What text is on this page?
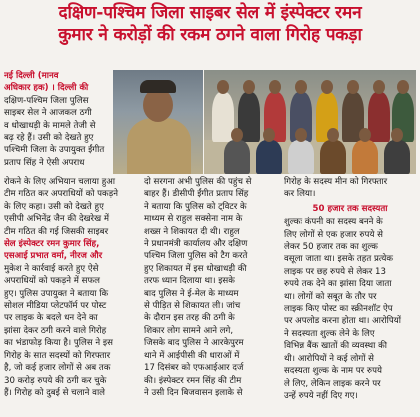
दक्षिण-पश्चिम जिला साइबर सेल में इंस्पेक्टर रमन
कुमार ने करोड़ों की रकम ठगने वाला गिरोह पकड़ा
नई दिल्ली (मानव
अधिकार हक) । दिल्ली की
दक्षिण-पश्चिम जिला पुलिस
साइबर सेल ने आजकल ठगी
व धोखाधड़ी के मामले तेजी से
बढ़ रहे हैं। उसी को देखते हुए
पश्चिमी जिला के उपायुक्त ईंगीत
प्रताप सिंह ने ऐसी अपराध
रोकने के लिए अभियान चलाया हुआ
टीम गठित कर अपराधियों को पकड़ने
के लिए कहा। उसी को देखते हुए
एसीपी अभिनेंद्र जैन की देखरेख में
टीम गठित की गई जिसकी साइबर
सेल इंस्पेक्टर रमन कुमार सिंह,
एसआई प्रभात वर्मा, नीरज और
मुकेश ने कार्रवाई करते हुए ऐसे
अपराधियों को पकड़ने में सफल
हुए। पुलिस उपायुक्त ने बताया कि
सोशल मीडिया प्लेटफॉर्म पर पोस्ट
पर लाइक के बदले धन देने का
झांसा देकर ठगी करने वाले गिरोह
का भंडाफोड़ किया है। पुलिस ने इस
गिरोह के सात सदस्यों को गिरफ्तार
है, जो कई हजार लोगों से अब तक
30 करोड़ रुपये की ठगी कर चुके
हैं। गिरोह को दुबई से चलाने वाले
दो सरगना अभी पुलिस की पहुंच से
बाहर हैं। डीसीपी ईंगीत प्रताप सिंह
ने बताया कि पुलिस को ट्विटर के
माध्यम से राहुल सक्सेना नाम के
शख्स ने शिकायत दी थी। राहुल
ने प्रधानमंत्री कार्यालय और दक्षिण
पश्चिम जिला पुलिस को टैग करते
हुए शिकायत में इस धोखाधड़ी की
तरफ ध्यान दिलाया था। इसके
बाद पुलिस ने ई-मेल के माध्यम
से पीड़ित से शिकायत ली। जांच
के दौरान इस तरह की ठगी के
शिकार लोग सामने आने लगे,
जिसके बाद पुलिस ने आरकेपुरम
थाने में आईपीसी की धाराओं में
17 दिसंबर को एफआईआर दर्ज
की। इंस्पेक्टर रमन सिंह की टीम
ने उसी दिन बिजवासन इलाके से
गिरोह के सदस्य मीन को गिरफ्तार
कर लिया।
50 हजार तक सदस्यता
शुल्कः कंपनी का सदस्य बनने के
लिए लोगों से एक हजार रुपये से
लेकर 50 हजार तक का शुल्क
वसूला जाता था। इसके तहत प्रत्येक
लाइक पर छह रुपये से लेकर 13
रुपये तक देने का झांसा दिया जाता
था। लोगों को सबूत के तौर पर
लाइक किए पोस्ट का स्क्रीनशॉट ऐप
पर अपलोड करना होता था। आरोपियों
ने सदस्यता शुल्क लेने के लिए
विभिन्न बैंक खातों की व्यवस्था की
थी। आरोपियों ने कई लोगों से
सदस्यता शुल्क के नाम पर रुपये
ले लिए, लेकिन लाइक करने पर
उन्हें रुपये नहीं दिए गए।
